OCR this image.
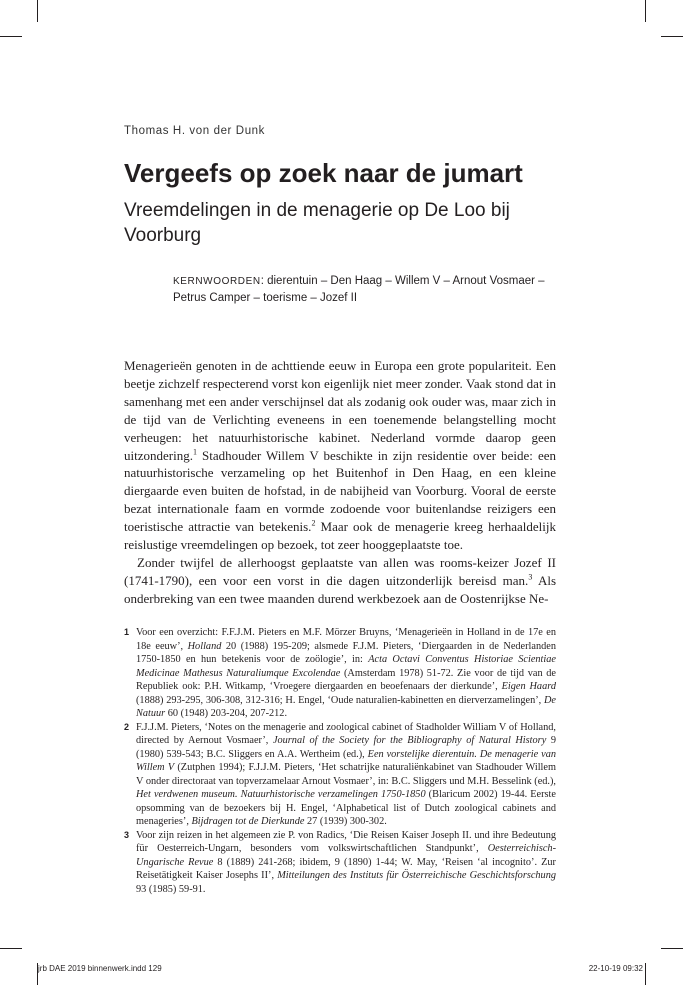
Thomas H. von der Dunk
Vergeefs op zoek naar de jumart
Vreemdelingen in de menagerie op De Loo bij Voorburg
KERNWOORDEN: dierentuin – Den Haag – Willem V – Arnout Vosmaer – Petrus Camper – toerisme – Jozef II

Menagerieën genoten in de achttiende eeuw in Europa een grote populariteit. Een beetje zichzelf respecterend vorst kon eigenlijk niet meer zonder. Vaak stond dat in samenhang met een ander verschijnsel dat als zodanig ook ouder was, maar zich in de tijd van de Verlichting eveneens in een toenemende belangstelling mocht verheugen: het natuurhistorische kabinet. Nederland vormde daarop geen uitzondering.$^1$ Stadhouder Willem V beschikte in zijn residentie over beide: een natuurhistorische verzameling op het Buitenhof in Den Haag, en een kleine diergaarde even buiten de hofstad, in de nabijheid van Voorburg. Vooral de eerste bezat internationale faam en vormde zodoende voor buitenlandse reizigers een toeristische attractie van betekenis.$^2$ Maar ook de menagerie kreeg herhaaldelijk reislustige vreemdelingen op bezoek, tot zeer hooggeplaatste toe.

Zonder twijfel de allerhoogst geplaatste van allen was rooms-keizer Jozef II (1741-1790), een voor een vorst in die dagen uitzonderlijk bereisd man.$^3$ Als onderbreking van een twee maanden durend werkbezoek aan de Oostenrijkse Ne-

1 Voor een overzicht: F.F.J.M. Pieters en M.F. Mörzer Bruyns, ‘Menagerieën in Holland in de 17e en 18e eeuw’, Holland 20 (1988) 195-209; alsmede F.J.M. Pieters, ‘Diergaarden in de Nederlanden 1750-1850 en hun betekenis voor de zoölogie’, in: Acta Octavi Conventus Historiae Scientiae Medicinae Mathesus Naturaliumque Excolendae (Amsterdam 1978) 51-72. Zie voor de tijd van de Republiek ook: P.H. Witkamp, ‘Vroegere diergaarden en beoefenaars der dierkunde’, Eigen Haard (1888) 293-295, 306-308, 312-316; H. Engel, ‘Oude naturalien-kabinetten en dierverzamelingen’, De Natuur 60 (1948) 203-204, 207-212.

2 F.J.J.M. Pieters, ‘Notes on the menagerie and zoological cabinet of Stadholder William V of Holland, directed by Aernout Vosmaer’, Journal of the Society for the Bibliography of Natural History 9 (1980) 539-543; B.C. Sliggers en A.A. Wertheim (ed.), Een vorstelijke dierentuin. De menagerie van Willem V (Zutphen 1994); F.J.J.M. Pieters, ‘Het schatrijke naturaliënkabinet van Stadhouder Willem V onder directoraat van topverzamelaar Arnout Vosmaer’, in: B.C. Sliggers und M.H. Besselink (ed.), Het verdwenen museum. Natuurhistorische verzamelingen 1750-1850 (Blaricum 2002) 19-44. Eerste opsomming van de bezoekers bij H. Engel, ‘Alphabetical list of Dutch zoological cabinets and menageries’, Bijdragen tot de Dierkunde 27 (1939) 300-302.

3 Voor zijn reizen in het algemeen zie P. von Radics, ‘Die Reisen Kaiser Joseph II. und ihre Bedeutung für Oesterreich-Ungarn, besonders vom volkswirtschaftlichen Standpunkt’, Oesterreichisch-Ungarische Revue 8 (1889) 241-268; ibidem, 9 (1890) 1-44; W. May, ‘Reisen ‘al incognito’. Zur Reisetätigkeit Kaiser Josephs II’, Mitteilungen des Instituts für Österreichische Geschichtsforschung 93 (1985) 59-91.

jrb DAE 2019 binnenwerk.indd 129	22-10-19 09:32
